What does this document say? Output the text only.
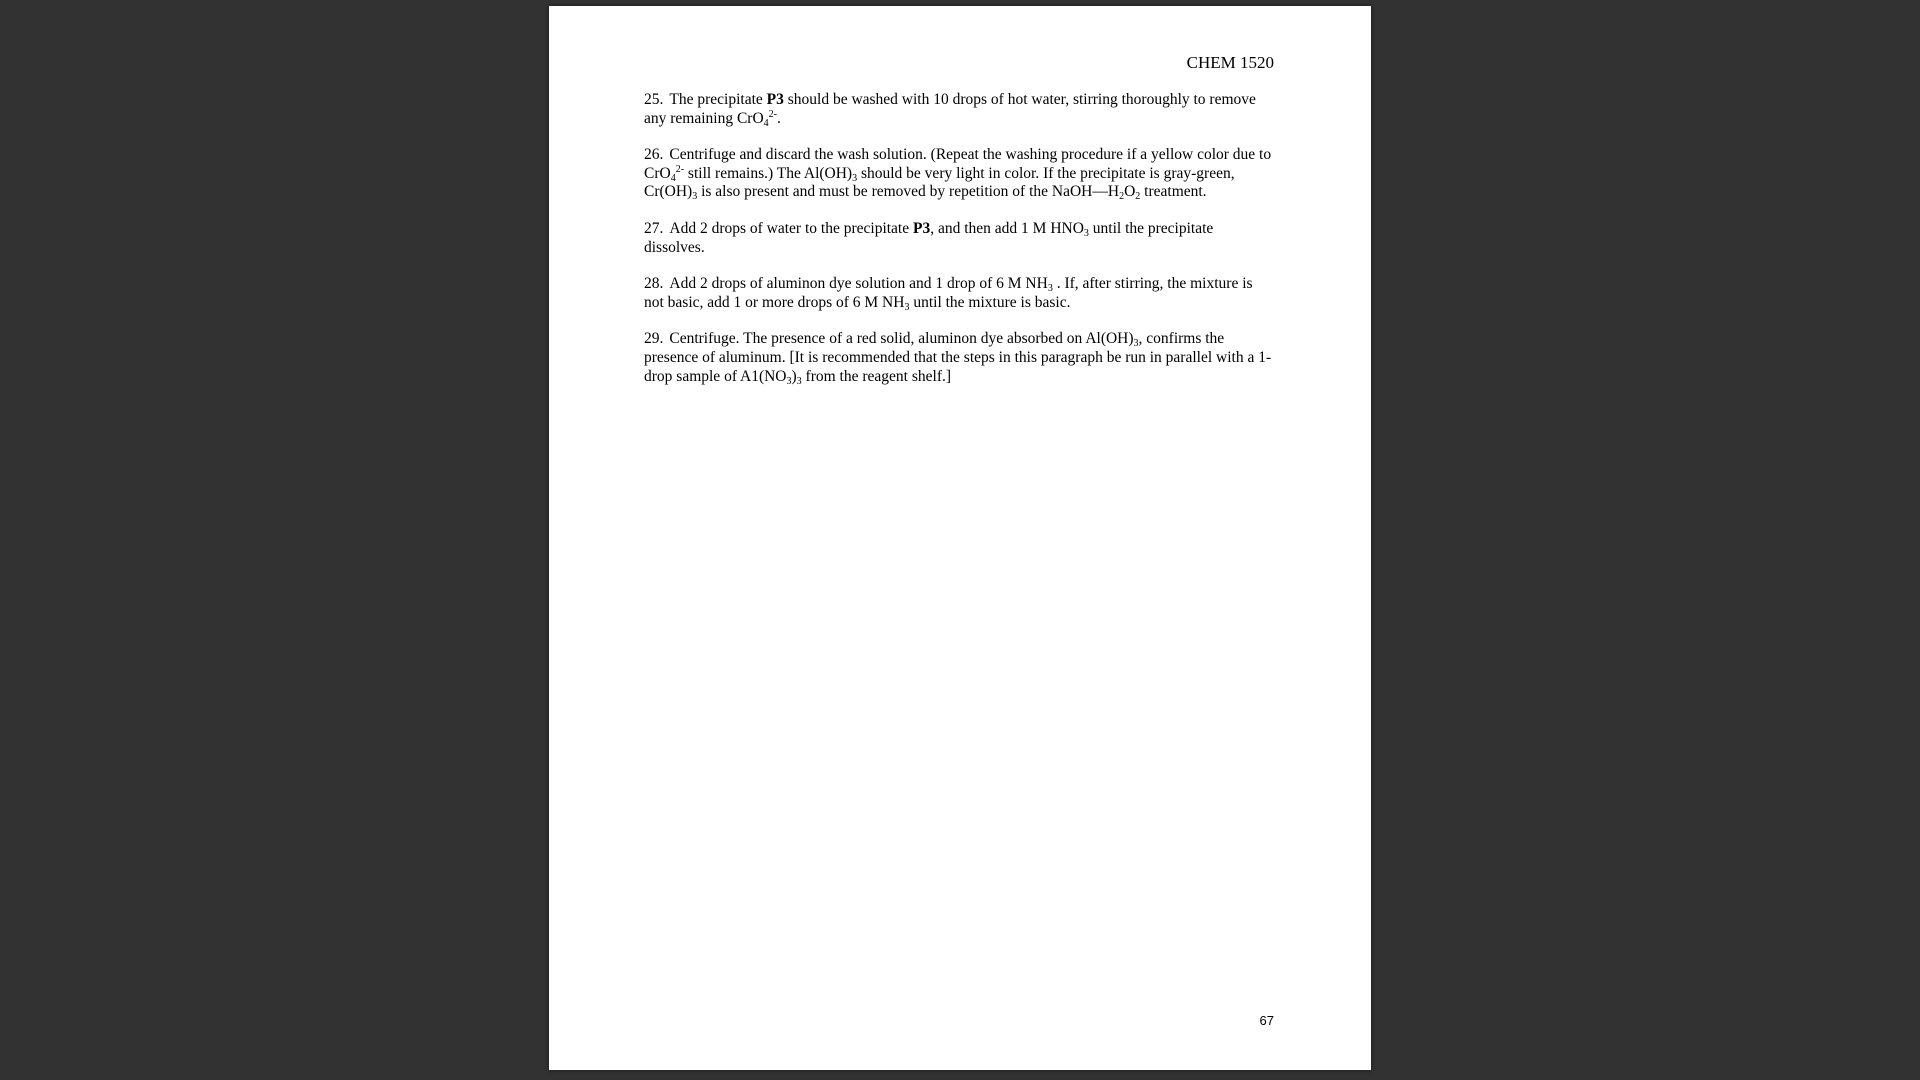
CHEM 1520

25. The precipitate P3 should be washed with 10 drops of hot water, stirring thoroughly to remove any remaining CrO$_4^{2-}$.

26. Centrifuge and discard the wash solution. (Repeat the washing procedure if a yellow color due to CrO$_4^{2-}$ still remains.) The $Al(OH)_3$ should be very light in color. If the precipitate is gray-green, $Cr(OH)_3$ is also present and must be removed by repetition of the $NaOH—H_2O_2$ treatment.

27. Add 2 drops of water to the precipitate P3, and then add 1 M $HNO_3$ until the precipitate dissolves.

28. Add 2 drops of aluminon dye solution and 1 drop of 6 M $NH_3$ . If, after stirring, the mixture is not basic, add 1 or more drops of 6 M $NH_3$ until the mixture is basic.

29. Centrifuge. The presence of a red solid, aluminon dye absorbed on $Al(OH)_3$, confirms the presence of aluminum. [It is recommended that the steps in this paragraph be run in parallel with a 1-drop sample of $A1(NO_3)_3$ from the reagent shelf.]

67
